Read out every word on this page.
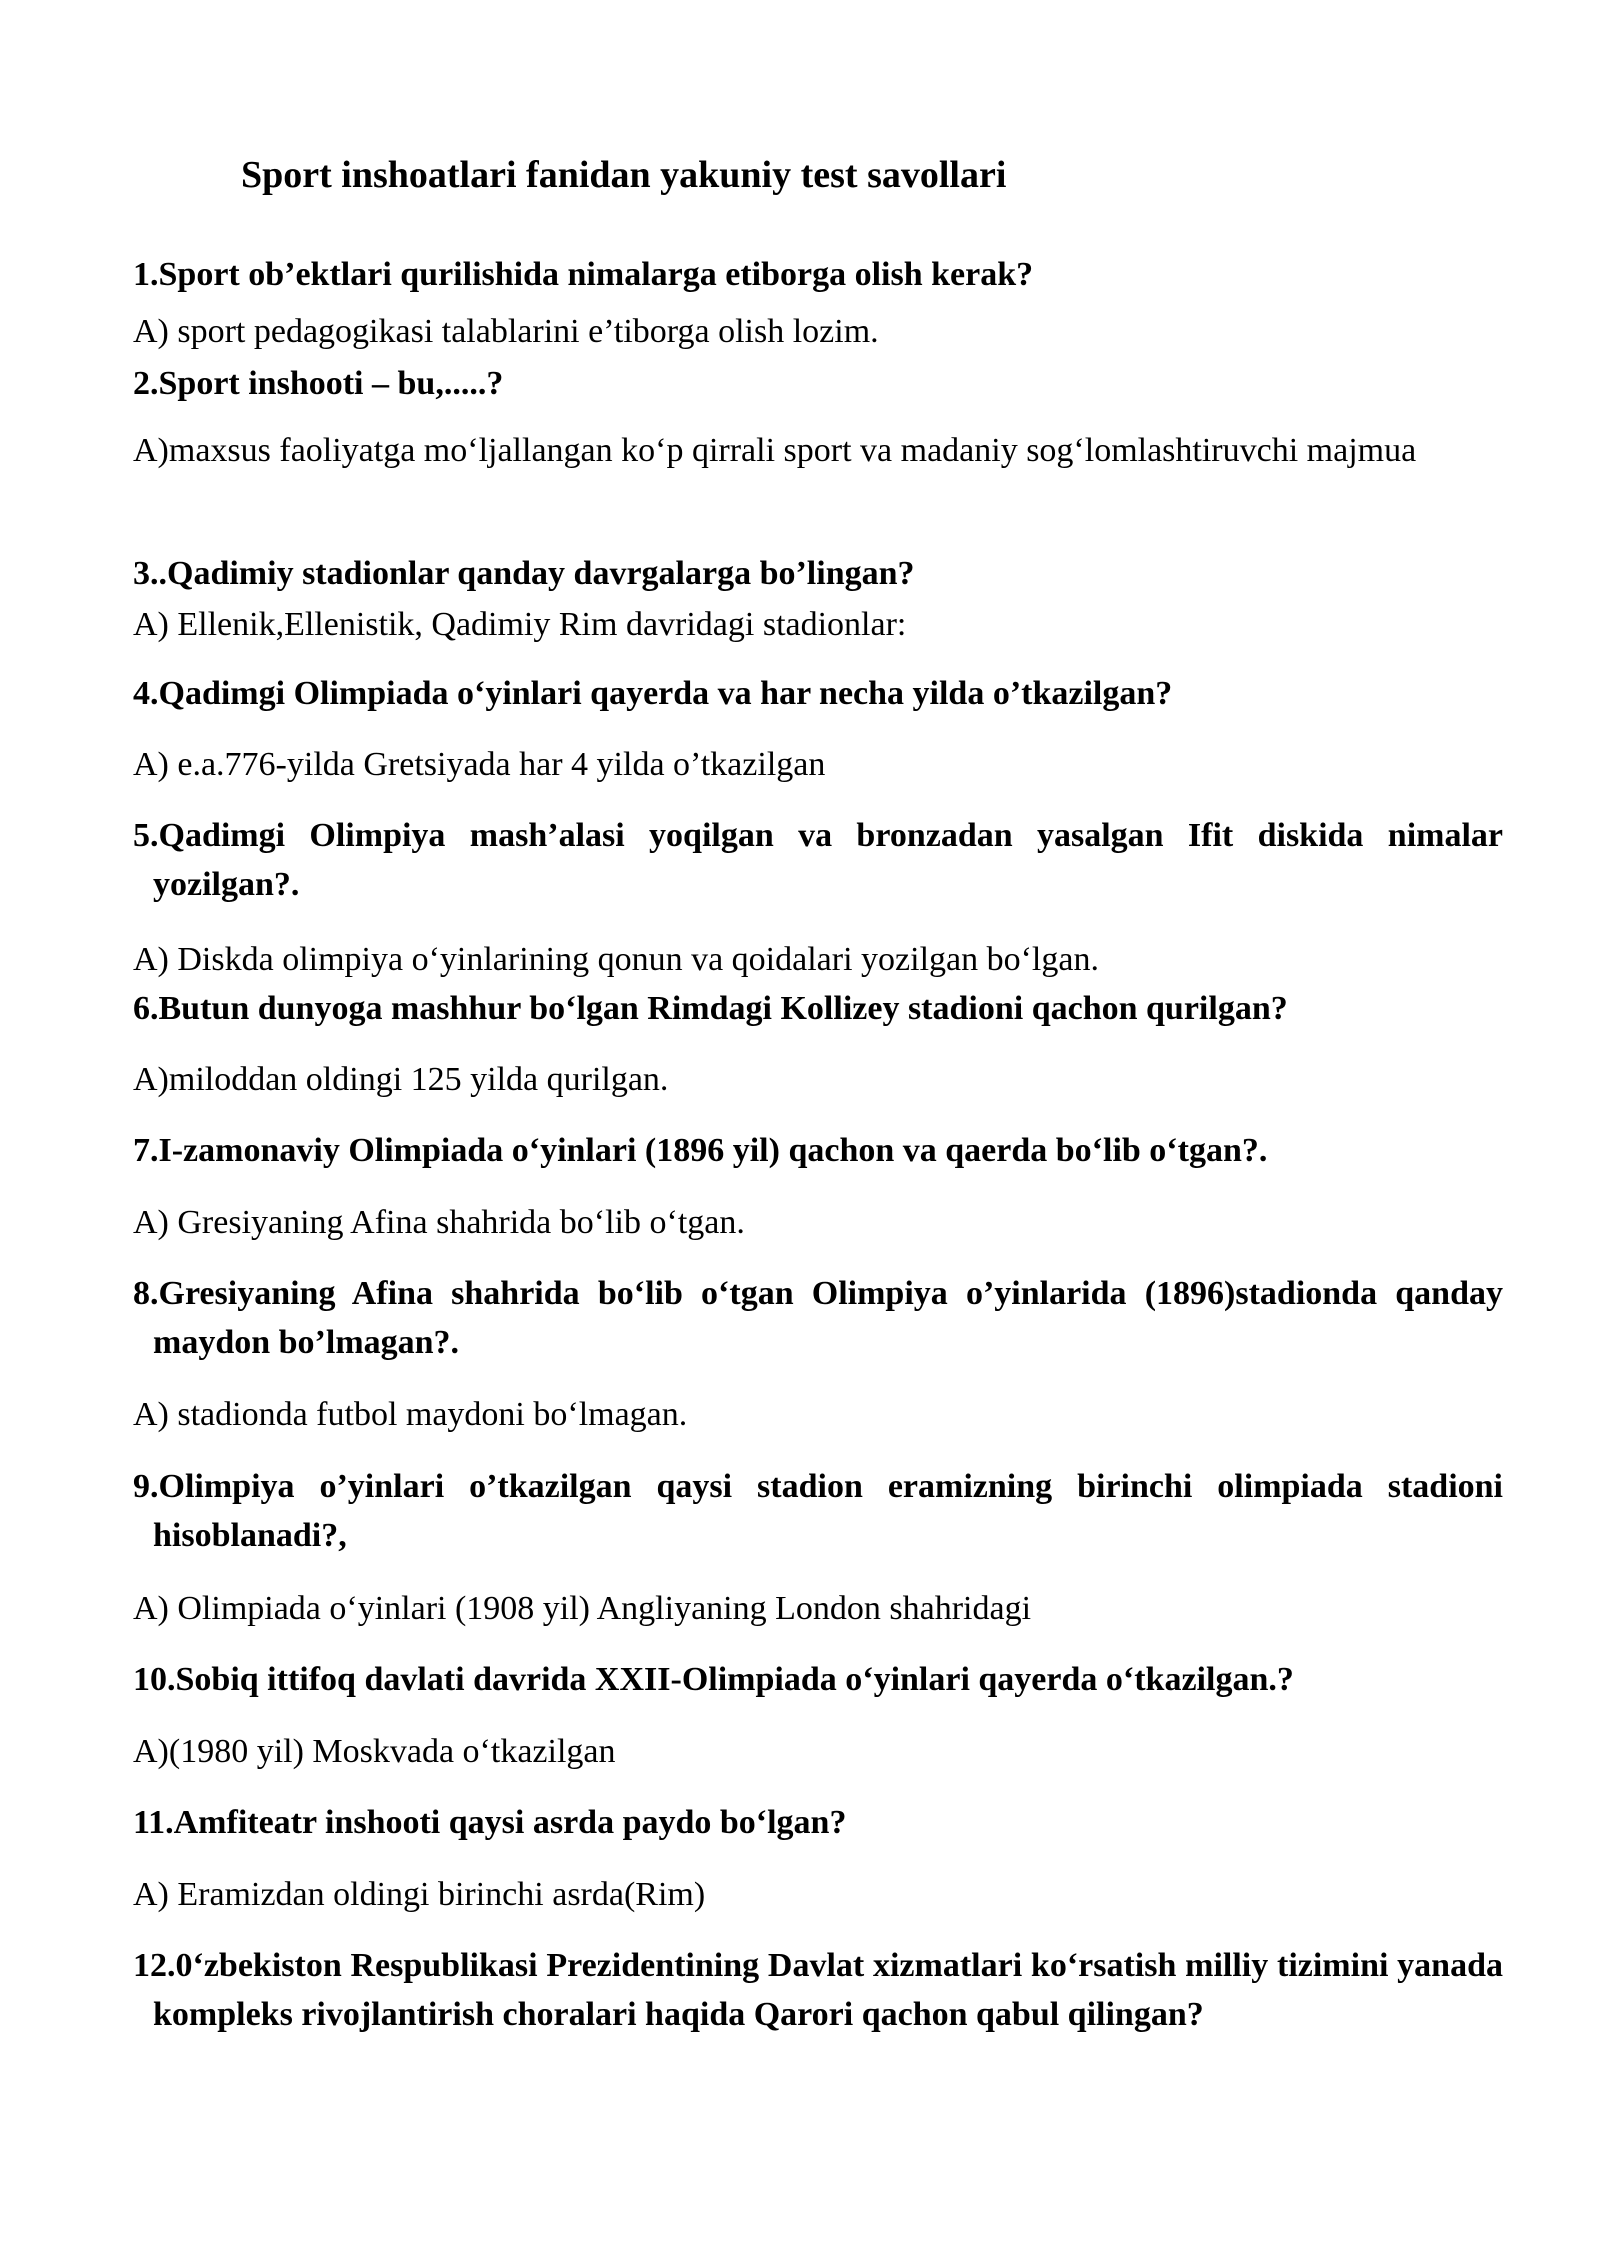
Sport inshoatlari fanidan yakuniy test savollari

1.Sport ob’ektlari qurilishida nimalarga etiborga olish kerak?

A) sport pedagogikasi talablarini e’tiborga olish lozim.

2.Sport inshooti – bu,.....?

A)maxsus faoliyatga mo‘ljallangan ko‘p qirrali sport va madaniy sog‘lomlashtiruvchi majmua

3..Qadimiy stadionlar qanday davrgalarga bo’lingan?

A) Ellenik,Ellenistik, Qadimiy Rim davridagi stadionlar:

4.Qadimgi Olimpiada o‘yinlari qayerda va har necha yilda o’tkazilgan?

A) e.a.776-yilda Gretsiyada har 4 yilda o’tkazilgan

5.Qadimgi Olimpiya mash’alasi yoqilgan va bronzadan yasalgan Ifit diskida nimalar yozilgan?.

A) Diskda olimpiya o‘yinlarining qonun va qoidalari yozilgan bo‘lgan.

6.Butun dunyoga mashhur bo‘lgan Rimdagi Kollizey stadioni qachon qurilgan?

A)miloddan oldingi 125 yilda qurilgan.

7.I-zamonaviy Olimpiada o‘yinlari (1896 yil) qachon va qaerda bo‘lib o‘tgan?.

A) Gresiyaning Afina shahrida bo‘lib o‘tgan.

8.Gresiyaning Afina shahrida bo‘lib o‘tgan Olimpiya o’yinlarida (1896)stadionda qanday maydon bo’lmagan?.

A) stadionda futbol maydoni bo‘lmagan.

9.Olimpiya o’yinlari o’tkazilgan qaysi stadion eramizning birinchi olimpiada stadioni hisoblanadi?,

A) Olimpiada o‘yinlari (1908 yil) Angliyaning London shahridagi

10.Sobiq ittifoq davlati davrida XXII-Olimpiada o‘yinlari qayerda o‘tkazilgan.?

A)(1980 yil) Moskvada o‘tkazilgan

11.Amfiteatr inshooti qaysi asrda paydo bo‘lgan?

A) Eramizdan oldingi birinchi asrda(Rim)

12.0‘zbekiston Respublikasi Prezidentining Davlat xizmatlari ko‘rsatish milliy tizimini yanada kompleks rivojlantirish choralari haqida Qarori qachon qabul qilingan?
